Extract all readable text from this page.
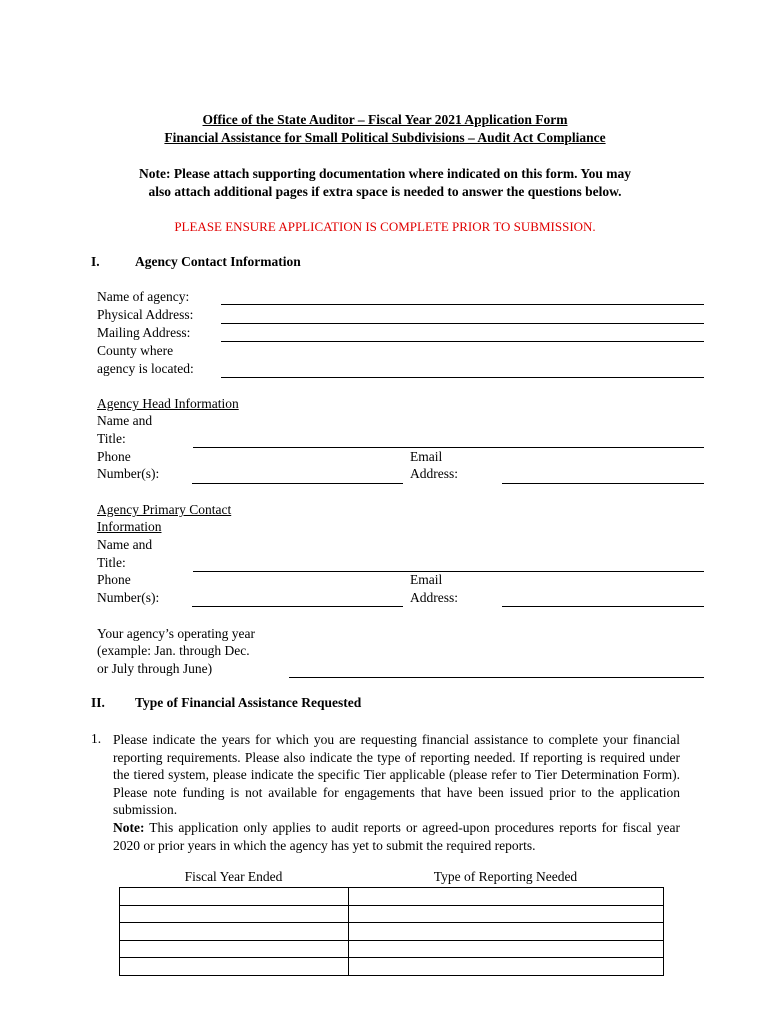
Office of the State Auditor – Fiscal Year 2021 Application Form
Financial Assistance for Small Political Subdivisions – Audit Act Compliance
Note: Please attach supporting documentation where indicated on this form. You may
also attach additional pages if extra space is needed to answer the questions below.
PLEASE ENSURE APPLICATION IS COMPLETE PRIOR TO SUBMISSION.
I.	Agency Contact Information
Name of agency:
Physical Address:
Mailing Address:
County where
agency is located:
Agency Head Information
Name and
Title:
Phone
Number(s):
Email
Address:
Agency Primary Contact
Information
Name and
Title:
Phone
Number(s):
Email
Address:
Your agency’s operating year
(example: Jan. through Dec.
or July through June)
II. Type of Financial Assistance Requested
1. Please indicate the years for which you are requesting financial assistance to complete your financial reporting requirements. Please also indicate the type of reporting needed. If reporting is required under the tiered system, please indicate the specific Tier applicable (please refer to Tier Determination Form). Please note funding is not available for engagements that have been issued prior to the application submission.
Note: This application only applies to audit reports or agreed-upon procedures reports for fiscal year 2020 or prior years in which the agency has yet to submit the required reports.
Fiscal Year Ended	Type of Reporting Needed
